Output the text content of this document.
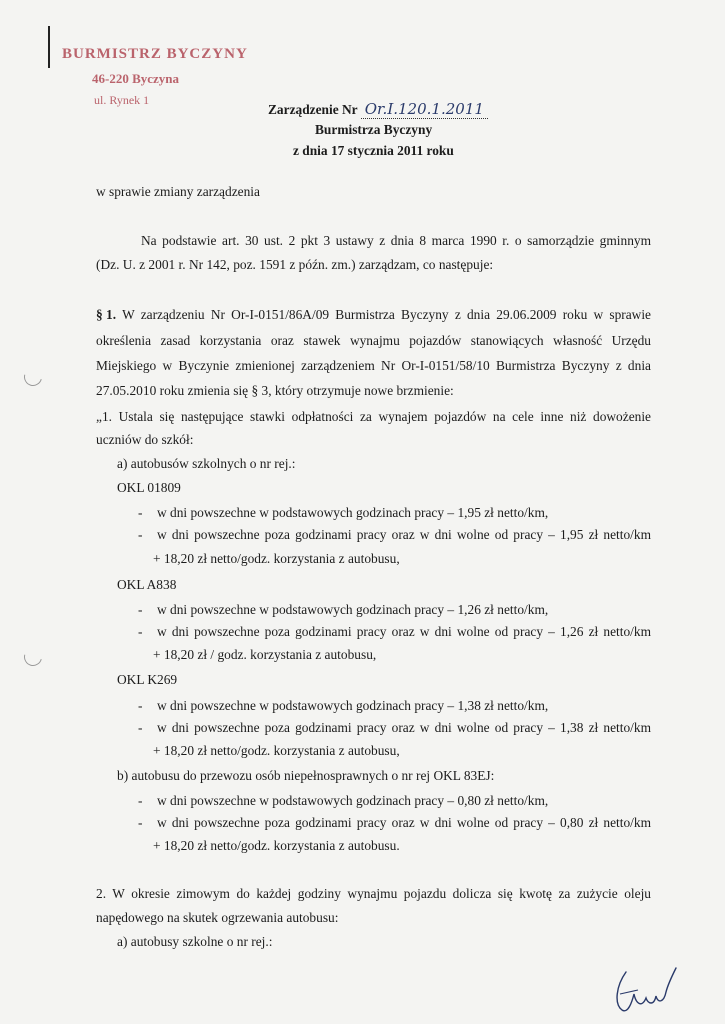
BURMISTRZ BYCZYNY
46-220 Byczyna
ul. Rynek 1
Zarządzenie Nr Or.I.120.1.2011
Burmistrza Byczyny
z dnia 17 stycznia 2011 roku
w sprawie zmiany zarządzenia
Na podstawie art. 30 ust. 2 pkt 3 ustawy z dnia 8 marca 1990 r. o samorządzie gminnym
(Dz. U. z 2001 r. Nr 142, poz. 1591 z późn. zm.) zarządzam, co następuje:
§ 1. W zarządzeniu Nr Or-I-0151/86A/09 Burmistrza Byczyny z dnia 29.06.2009 roku w sprawie
określenia zasad korzystania oraz stawek wynajmu pojazdów stanowiących własność Urzędu
Miejskiego w Byczynie zmienionej zarządzeniem Nr Or-I-0151/58/10 Burmistrza Byczyny z dnia
27.05.2010 roku zmienia się § 3, który otrzymuje nowe brzmienie:
„1. Ustala się następujące stawki odpłatności za wynajem pojazdów na cele inne niż dowożenie
uczniów do szkół:
a) autobusów szkolnych o nr rej.:
OKL 01809
- w dni powszechne w podstawowych godzinach pracy – 1,95 zł netto/km,
- w dni powszechne poza godzinami pracy oraz w dni wolne od pracy – 1,95 zł netto/km
+ 18,20 zł netto/godz. korzystania z autobusu,
OKL A838
- w dni powszechne w podstawowych godzinach pracy – 1,26 zł netto/km,
- w dni powszechne poza godzinami pracy oraz w dni wolne od pracy – 1,26 zł netto/km
+ 18,20 zł / godz. korzystania z autobusu,
OKL K269
- w dni powszechne w podstawowych godzinach pracy – 1,38 zł netto/km,
- w dni powszechne poza godzinami pracy oraz w dni wolne od pracy – 1,38 zł netto/km
+ 18,20 zł netto/godz. korzystania z autobusu,
b) autobusu do przewozu osób niepełnosprawnych o nr rej OKL 83EJ:
- w dni powszechne w podstawowych godzinach pracy – 0,80 zł netto/km,
- w dni powszechne poza godzinami pracy oraz w dni wolne od pracy – 0,80 zł netto/km
+ 18,20 zł netto/godz. korzystania z autobusu.
2. W okresie zimowym do każdej godziny wynajmu pojazdu dolicza się kwotę za zużycie oleju
napędowego na skutek ogrzewania autobusu:
a) autobusy szkolne o nr rej.:
